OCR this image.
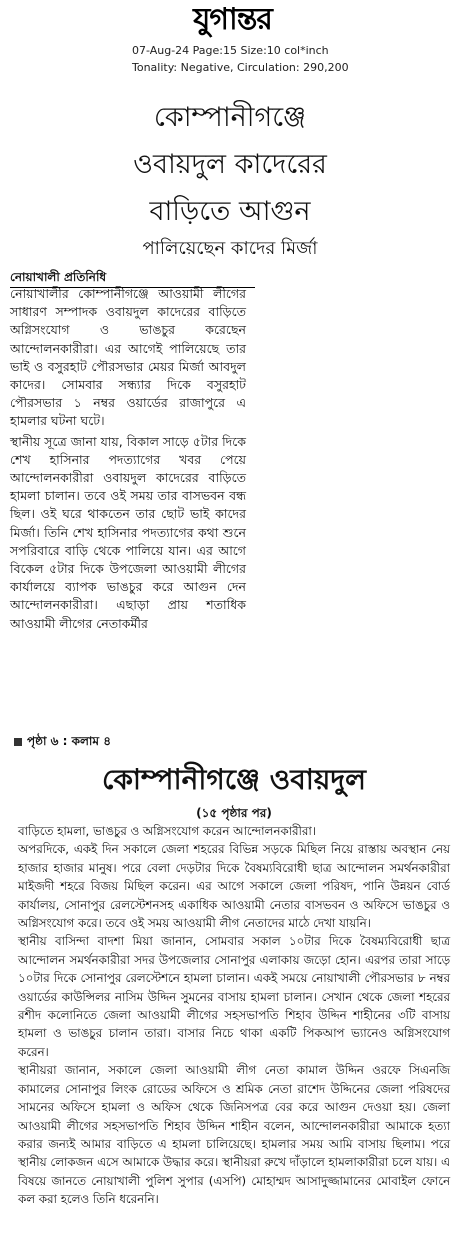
যুগান্তর
07-Aug-24 Page:15 Size:10 col*inch
Tonality: Negative, Circulation: 290,200
কোম্পানীগঞ্জে
ওবায়দুল কাদেরের
বাড়িতে আগুন
পালিয়েছেন কাদের মির্জা
নোয়াখালী প্রতিনিধি

নোয়াখালীর কোম্পানীগঞ্জে আওয়ামী লীগের সাধারণ সম্পাদক ওবায়দুল কাদেরের বাড়িতে অগ্নিসংযোগ ও ভাঙচুর করেছেন আন্দোলনকারীরা। এর আগেই পালিয়েছে তার ভাই ও বসুরহাট পৌরসভার মেয়র মির্জা আবদুল কাদের। সোমবার সন্ধ্যার দিকে বসুরহাট পৌরসভার ১ নম্বর ওয়ার্ডের রাজাপুরে এ হামলার ঘটনা ঘটে।

স্থানীয় সূত্রে জানা যায়, বিকাল সাড়ে ৫টার দিকে শেখ হাসিনার পদত্যাগের খবর পেয়ে আন্দোলনকারীরা ওবায়দুল কাদেরের বাড়িতে হামলা চালান। তবে ওই সময় তার বাসভবন বন্ধ ছিল। ওই ঘরে থাকতেন তার ছোট ভাই কাদের মির্জা। তিনি শেখ হাসিনার পদত্যাগের কথা শুনে সপরিবারে বাড়ি থেকে পালিয়ে যান। এর আগে বিকেল ৫টার দিকে উপজেলা আওয়ামী লীগের কার্যালয়ে ব্যাপক ভাঙচুর করে আগুন দেন আন্দোলনকারীরা। এছাড়া প্রায় শতাধিক আওয়ামী লীগের নেতাকর্মীর

পৃষ্ঠা ৬ : কলাম ৪
কোম্পানীগঞ্জে ওবায়দুল
(১৫ পৃষ্ঠার পর)

বাড়িতে হামলা, ভাঙচুর ও অগ্নিসংযোগ করেন আন্দোলনকারীরা।

অপরদিকে, একই দিন সকালে জেলা শহরের বিভিন্ন সড়কে মিছিল নিয়ে রাস্তায় অবস্থান নেয় হাজার হাজার মানুষ। পরে বেলা দেড়টার দিকে বৈষম্যবিরোধী ছাত্র আন্দোলন সমর্থনকারীরা মাইজদী শহরে বিজয় মিছিল করেন। এর আগে সকালে জেলা পরিষদ, পানি উন্নয়ন বোর্ড কার্যালয়, সোনাপুর রেলস্টেশনসহ একাধিক আওয়ামী নেতার বাসভবন ও অফিসে ভাঙচুর ও অগ্নিসংযোগ করে। তবে ওই সময় আওয়ামী লীগ নেতাদের মাঠে দেখা যায়নি।

স্থানীয় বাসিন্দা বাদশা মিয়া জানান, সোমবার সকাল ১০টার দিকে বৈষম্যবিরোধী ছাত্র আন্দোলন সমর্থনকারীরা সদর উপজেলার সোনাপুর এলাকায় জড়ো হোন। এরপর তারা সাড়ে ১০টার দিকে সোনাপুর রেলস্টেশনে হামলা চালান। একই সময়ে নোয়াখালী পৌরসভার ৮ নম্বর ওয়ার্ডের কাউন্সিলর নাসিম উদ্দিন সুমনের বাসায় হামলা চালান। সেখান থেকে জেলা শহরের রশীদ কলোনিতে জেলা আওয়ামী লীগের সহসভাপতি শিহাব উদ্দিন শাহীনের ৩টি বাসায় হামলা ও ভাঙচুর চালান তারা। বাসার নিচে থাকা একটি পিকআপ ভ্যানেও অগ্নিসংযোগ করেন।

স্থানীয়রা জানান, সকালে জেলা আওয়ামী লীগ নেতা কামাল উদ্দিন ওরফে সিএনজি কামালের সোনাপুর লিংক রোডের অফিসে ও শ্রমিক নেতা রাশেদ উদ্দিনের জেলা পরিষদের সামনের অফিসে হামলা ও অফিস থেকে জিনিসপত্র বের করে আগুন দেওয়া হয়। জেলা আওয়ামী লীগের সহসভাপতি শিহাব উদ্দিন শাহীন বলেন, আন্দোলনকারীরা আমাকে হত্যা করার জন্যই আমার বাড়িতে এ হামলা চালিয়েছে। হামলার সময় আমি বাসায় ছিলাম। পরে স্থানীয় লোকজন এসে আমাকে উদ্ধার করে। স্থানীয়রা রুখে দাঁড়ালে হামলাকারীরা চলে যায়। এ বিষয়ে জানতে নোয়াখালী পুলিশ সুপার (এসপি) মোহাম্মদ আসাদুজ্জামানের মোবাইল ফোনে কল করা হলেও তিনি ধরেননি।
